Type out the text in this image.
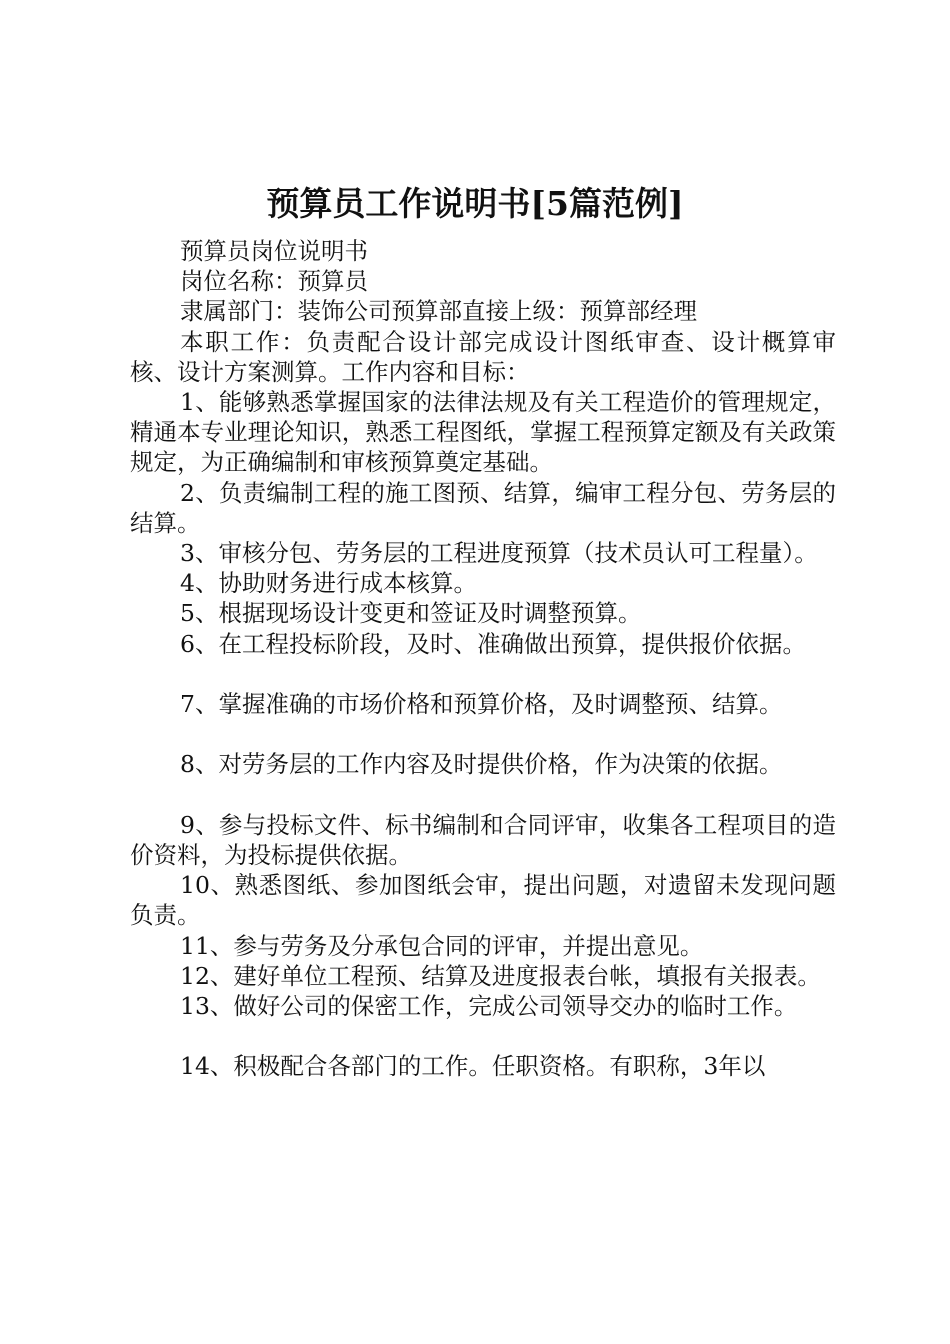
预算员工作说明书[5篇范例]

预算员岗位说明书

岗位名称：预算员

隶属部门：装饰公司预算部直接上级：预算部经理

本职工作：负责配合设计部完成设计图纸审查、设计概算审核、设计方案测算。工作内容和目标：

1、能够熟悉掌握国家的法律法规及有关工程造价的管理规定，精通本专业理论知识，熟悉工程图纸，掌握工程预算定额及有关政策规定，为正确编制和审核预算奠定基础。

2、负责编制工程的施工图预、结算，编审工程分包、劳务层的结算。

3、审核分包、劳务层的工程进度预算（技术员认可工程量）。

4、协助财务进行成本核算。

5、根据现场设计变更和签证及时调整预算。

6、在工程投标阶段，及时、准确做出预算，提供报价依据。

7、掌握准确的市场价格和预算价格，及时调整预、结算。

8、对劳务层的工作内容及时提供价格，作为决策的依据。

9、参与投标文件、标书编制和合同评审，收集各工程项目的造价资料，为投标提供依据。

10、熟悉图纸、参加图纸会审，提出问题，对遗留未发现问题负责。

11、参与劳务及分承包合同的评审，并提出意见。

12、建好单位工程预、结算及进度报表台帐，填报有关报表。

13、做好公司的保密工作，完成公司领导交办的临时工作。

14、积极配合各部门的工作。任职资格。有职称，3年以
